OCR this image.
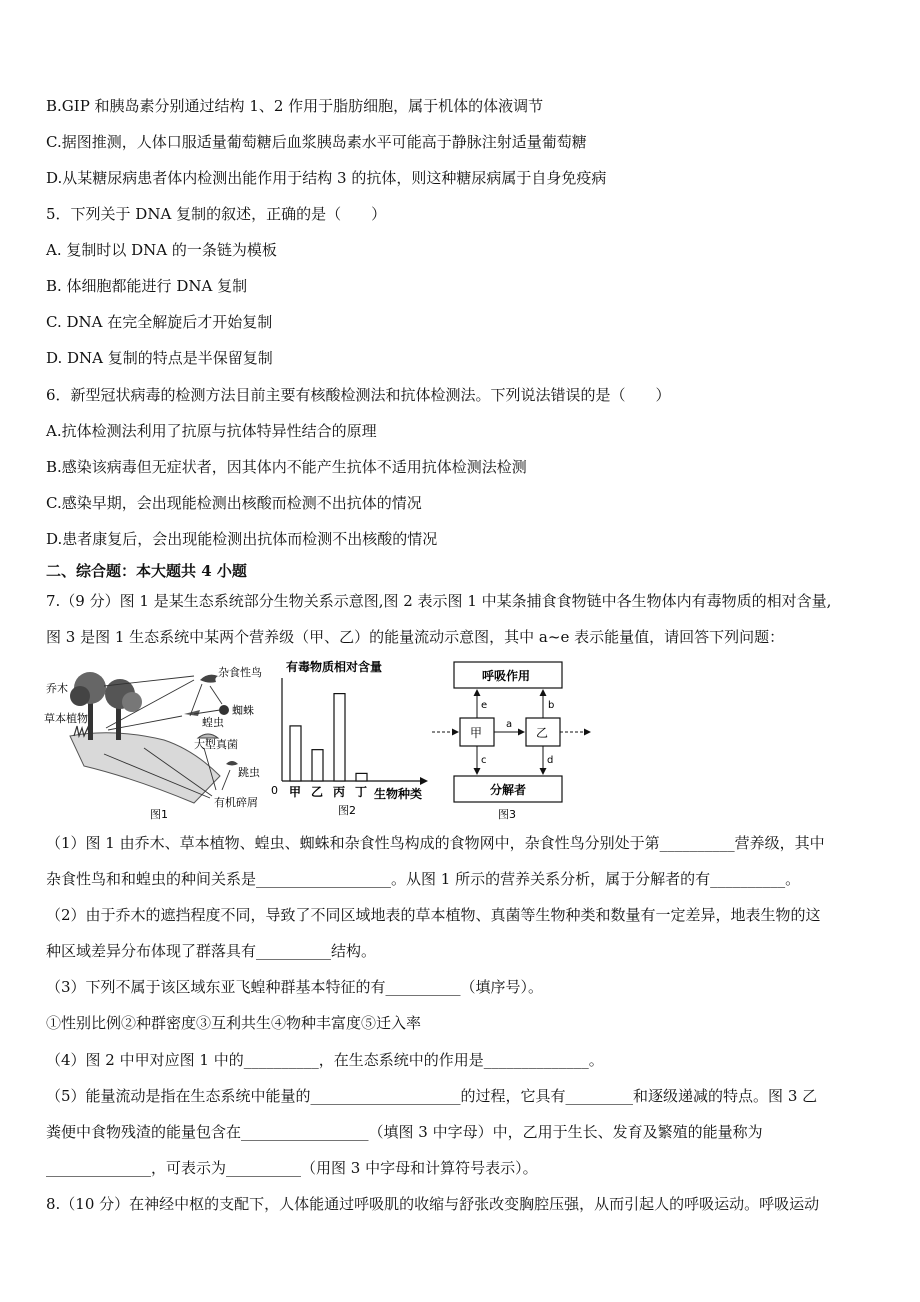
B.GIP 和胰岛素分别通过结构 1、2 作用于脂肪细胞，属于机体的体液调节
C.据图推测，人体口服适量葡萄糖后血浆胰岛素水平可能高于静脉注射适量葡萄糖
D.从某糖尿病患者体内检测出能作用于结构 3 的抗体，则这种糖尿病属于自身免疫病
5．下列关于 DNA 复制的叙述，正确的是（　　）
A. 复制时以 DNA 的一条链为模板
B. 体细胞都能进行 DNA 复制
C. DNA 在完全解旋后才开始复制
D. DNA 复制的特点是半保留复制
6．新型冠状病毒的检测方法目前主要有核酸检测法和抗体检测法。下列说法错误的是（　　）
A.抗体检测法利用了抗原与抗体特异性结合的原理
B.感染该病毒但无症状者，因其体内不能产生抗体不适用抗体检测法检测
C.感染早期，会出现能检测出核酸而检测不出抗体的情况
D.患者康复后，会出现能检测出抗体而检测不出核酸的情况
二、综合题：本大题共 4 小题
7.（9 分）图 1 是某生态系统部分生物关系示意图,图 2 表示图 1 中某条捕食食物链中各生物体内有毒物质的相对含量,
图 3 是图 1 生态系统中某两个营养级（甲、乙）的能量流动示意图，其中 a~e 表示能量值，请回答下列问题：
乔木
草本植物
杂食性鸟
蜘蛛
蝗虫
大型真菌
跳虫
有机碎屑
图1
有毒物质相对含量
0 甲 乙 丙 丁 生物种类
图2
呼吸作用
甲	乙
分解者
a
b
c	d
e
图3
（1）图 1 由乔木、草本植物、蝗虫、蜘蛛和杂食性鸟构成的食物网中，杂食性鸟分别处于第__________营养级，其中
杂食性鸟和和蝗虫的种间关系是__________________。从图 1 所示的营养关系分析，属于分解者的有__________。
（2）由于乔木的遮挡程度不同，导致了不同区域地表的草本植物、真菌等生物种类和数量有一定差异，地表生物的这
种区域差异分布体现了群落具有__________结构。
（3）下列不属于该区域东亚飞蝗种群基本特征的有__________（填序号）。
①性别比例②种群密度③互利共生④物种丰富度⑤迁入率
（4）图 2 中甲对应图 1 中的__________，在生态系统中的作用是______________。
（5）能量流动是指在生态系统中能量的____________________的过程，它具有_________和逐级递减的特点。图 3 乙
粪便中食物残渣的能量包含在_________________（填图 3 中字母）中，乙用于生长、发育及繁殖的能量称为
______________，可表示为__________（用图 3 中字母和计算符号表示）。
8.（10 分）在神经中枢的支配下，人体能通过呼吸肌的收缩与舒张改变胸腔压强，从而引起人的呼吸运动。呼吸运动
